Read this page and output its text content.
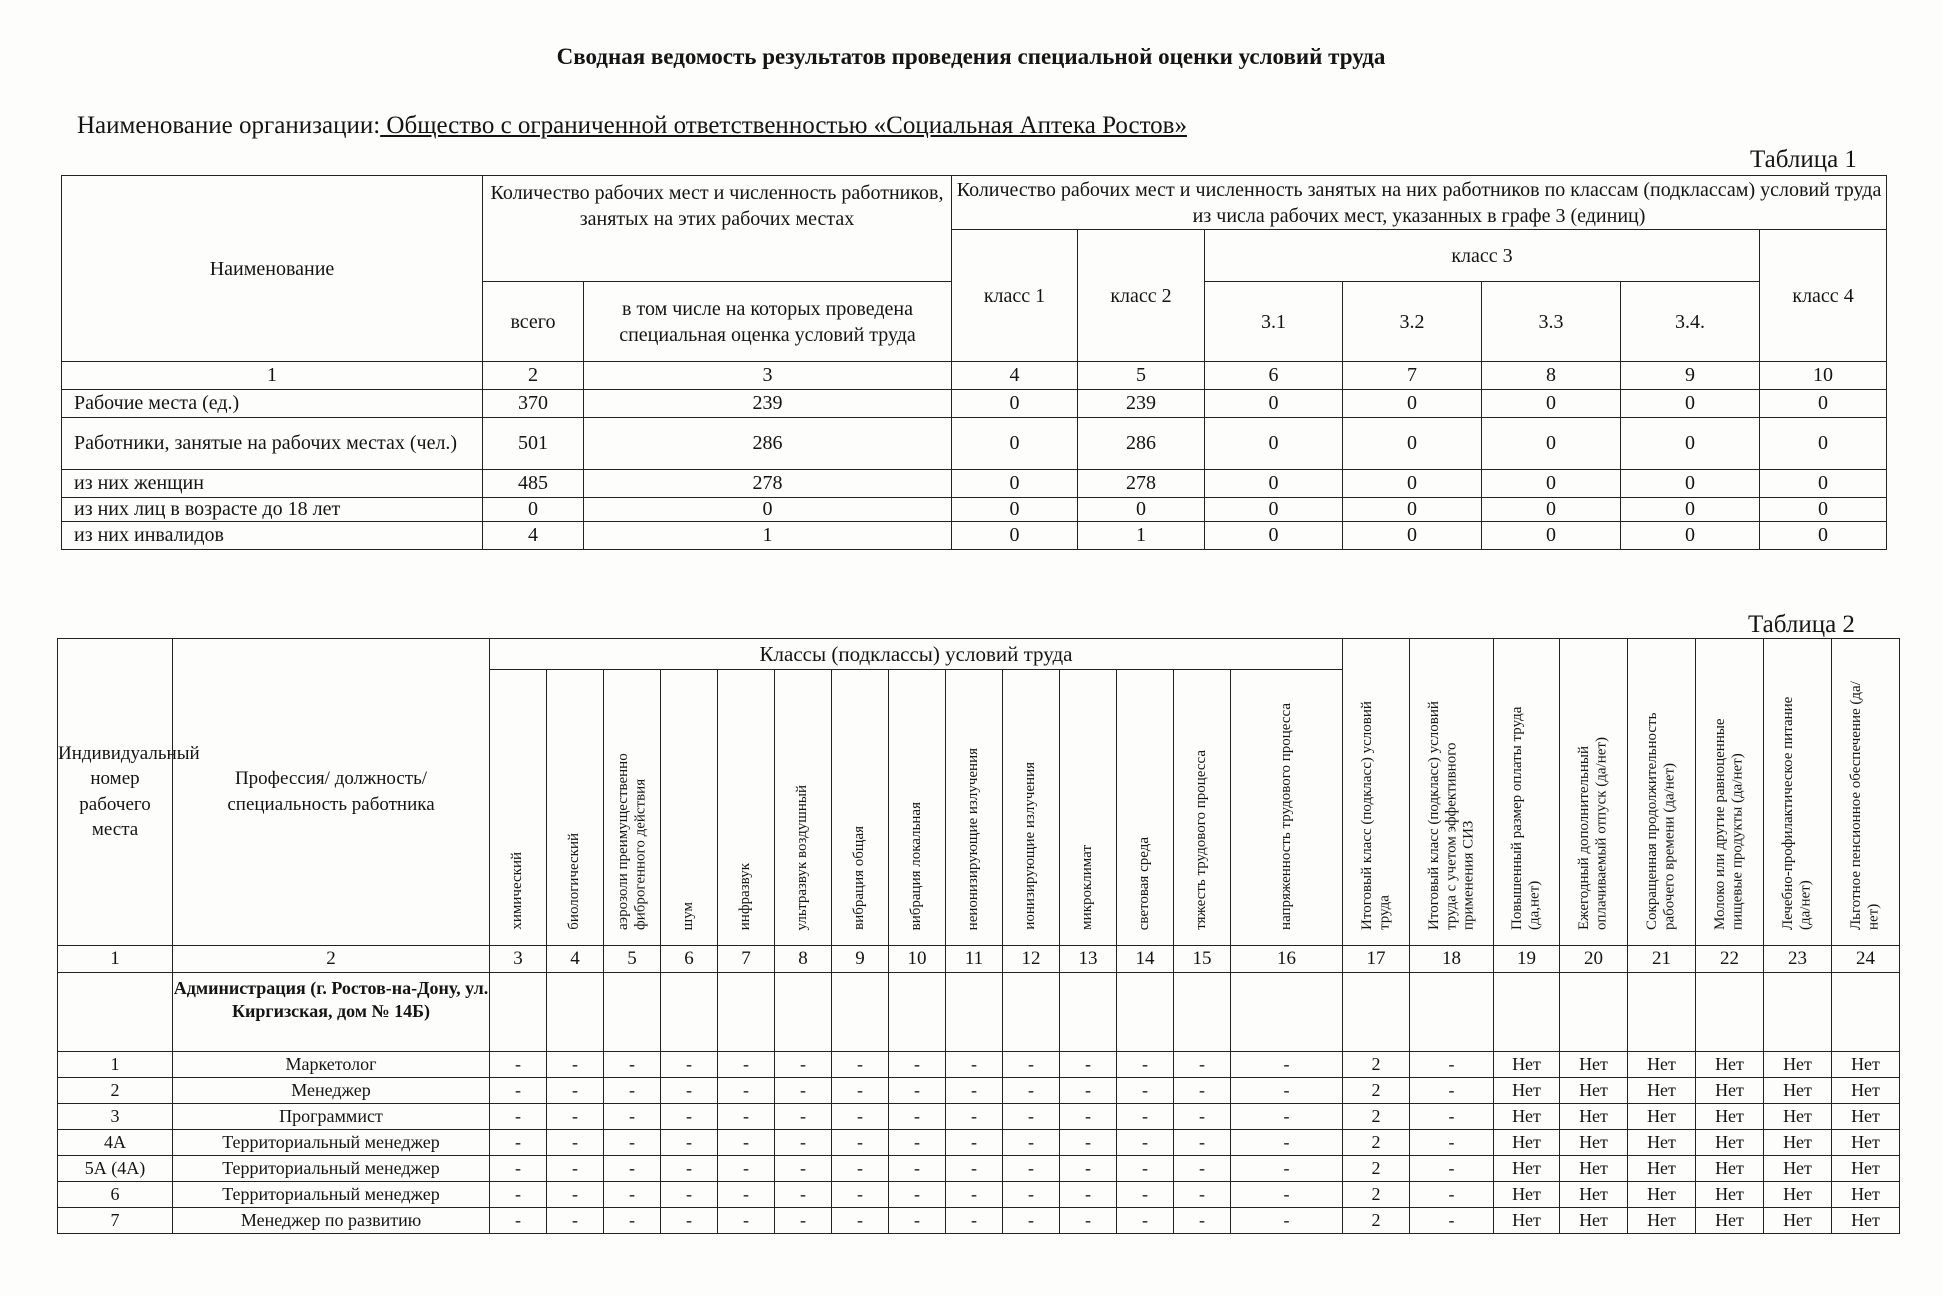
Сводная ведомость результатов проведения специальной оценки условий труда
Наименование организации: Общество с ограниченной ответственностью «Социальная Аптека Ростов»
Таблица 1
Наименование	Количество рабочих мест и численность работников, занятых на этих рабочих местах		Количество рабочих мест и численность занятых на них работников по классам (подклассам) условий труда из числа рабочих мест, указанных в графе 3 (единиц)						
			класс 1	класс 2	класс 3				класс 4
	всего	в том числе на которых проведена специальная оценка условий труда			3.1	3.2	3.3	3.4.	
1	2	3	4	5	6	7	8	9	10
Рабочие места (ед.)	370	239	0	239	0	0	0	0	0
Работники, занятые на рабочих местах (чел.)	501	286	0	286	0	0	0	0	0
из них женщин	485	278	0	278	0	0	0	0	0
из них лиц в возрасте до 18 лет	0	0	0	0	0	0	0	0	0
из них инвалидов	4	1	0	1	0	0	0	0	0
Таблица 2
Индивидуальный номер рабочего места	Профессия/ должность/ специальность работника	Классы (подклассы) условий труда														Итоговый класс (подкласс) условий труда	Итоговый класс (подкласс) условий труда с учетом эффективного применения СИЗ	Повышенный размер оплаты труда (да,нет)	Ежегодный дополнительный оплачиваемый отпуск (да/нет)	Сокращенная продолжительность рабочего времени (да/нет)	Молоко или другие равноценные пищевые продукты (да/нет)	Лечебно-профилактическое питание (да/нет)	Льготное пенсионное обеспечение (да/нет)
		химический	биологический	аэрозоли преимущественно фиброгенного действия	шум	инфразвук	ультразвук воздушный	вибрация общая	вибрация локальная	неионизирующие излучения	ионизирующие излучения	микроклимат	световая среда	тяжесть трудового процесса	напряженность трудового процесса								
1	2	3	4	5	6	7	8	9	10	11	12	13	14	15	16	17	18	19	20	21	22	23	24
	Администрация (г. Ростов-на-Дону, ул. Киргизская, дом № 14Б)																						
1	Маркетолог	-	-	-	-	-	-	-	-	-	-	-	-	-	-	2	-	Нет	Нет	Нет	Нет	Нет	Нет
2	Менеджер	-	-	-	-	-	-	-	-	-	-	-	-	-	-	2	-	Нет	Нет	Нет	Нет	Нет	Нет
3	Программист	-	-	-	-	-	-	-	-	-	-	-	-	-	-	2	-	Нет	Нет	Нет	Нет	Нет	Нет
4А	Территориальный менеджер	-	-	-	-	-	-	-	-	-	-	-	-	-	-	2	-	Нет	Нет	Нет	Нет	Нет	Нет
5А (4А)	Территориальный менеджер	-	-	-	-	-	-	-	-	-	-	-	-	-	-	2	-	Нет	Нет	Нет	Нет	Нет	Нет
6	Территориальный менеджер	-	-	-	-	-	-	-	-	-	-	-	-	-	-	2	-	Нет	Нет	Нет	Нет	Нет	Нет
7	Менеджер по развитию	-	-	-	-	-	-	-	-	-	-	-	-	-	-	2	-	Нет	Нет	Нет	Нет	Нет	Нет
